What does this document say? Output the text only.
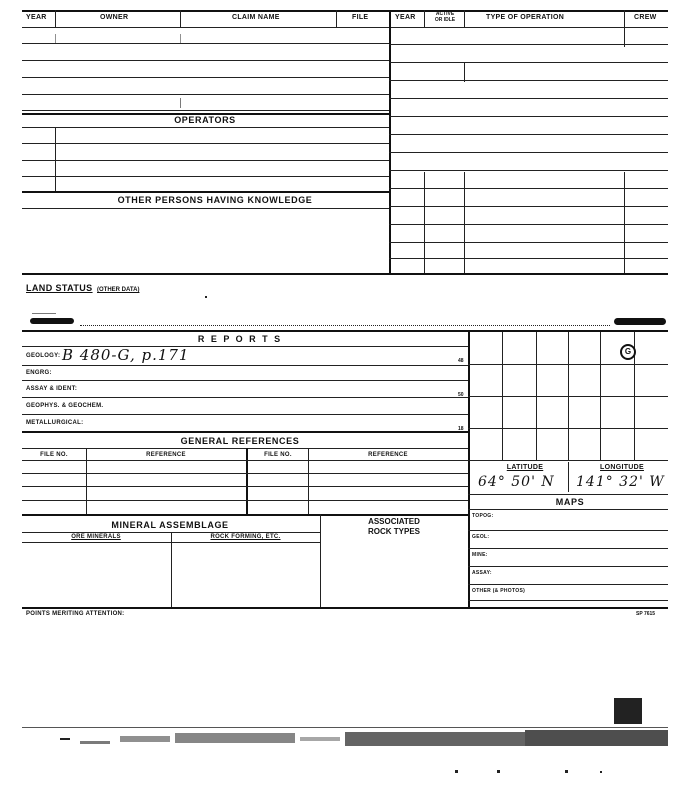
YEAR	OWNER	CLAIM NAME	FILE	YEAR	ACTIVE
OR IDLE	TYPE OF OPERATION	CREW
OPERATORS
OTHER PERSONS HAVING KNOWLEDGE
LAND STATUS (OTHER DATA)
R E P O R T S
GEOLOGY: B 480-G, p.171	48
ENGRG:
ASSAY & IDENT:
50
GEOPHYS. & GEOCHEM.
METALLURGICAL:
18
GENERAL REFERENCES
FILE NO.	REFERENCE	FILE NO.	REFERENCE
MINERAL ASSEMBLAGE	ASSOCIATED
ROCK TYPES
ORE MINERALS	ROCK FORMING, ETC.
G
LATITUDE	LONGITUDE
64° 50' N 141° 32' W
MAPS
TOPOG:
GEOL:
MINE:
ASSAY:
OTHER (& PHOTOS)
POINTS MERITING ATTENTION:	SP 7615
